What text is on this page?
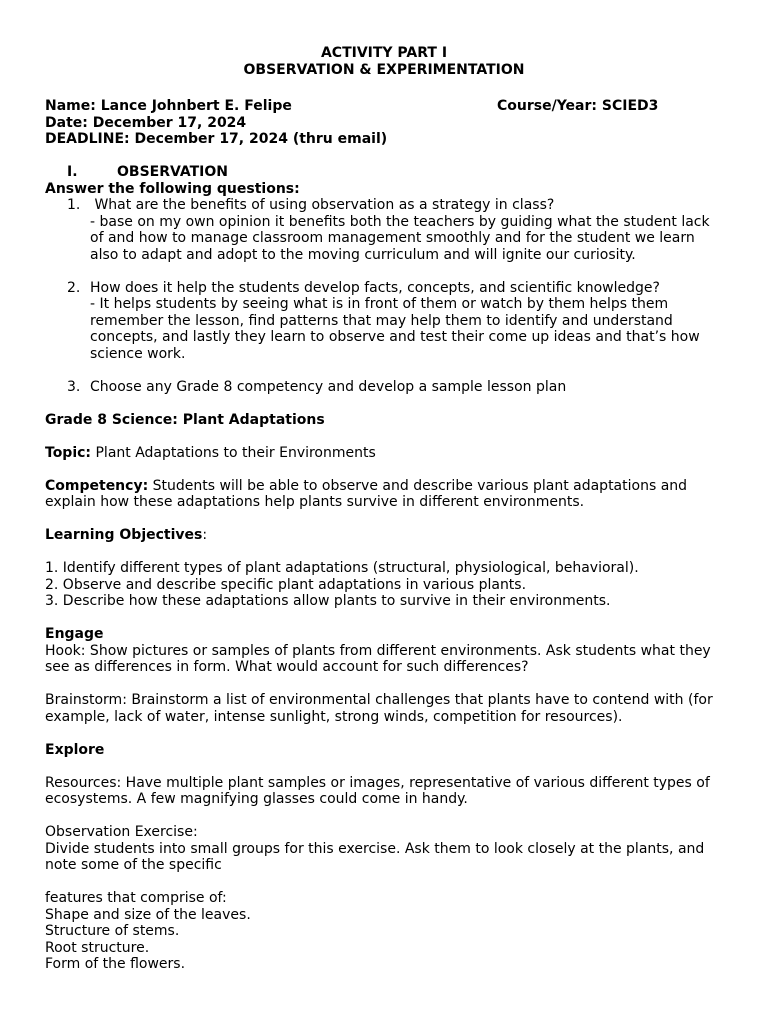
ACTIVITY PART I
OBSERVATION & EXPERIMENTATION
Name: Lance Johnbert E. Felipe	Course/Year: SCIED3
Date: December 17, 2024
DEADLINE: December 17, 2024 (thru email)
I.	OBSERVATION
Answer the following questions:
1. What are the benefits of using observation as a strategy in class?

- base on my own opinion it benefits both the teachers by guiding what the student lack of and how to manage classroom management smoothly and for the student we learn also to adapt and adopt to the moving curriculum and will ignite our curiosity.

2. How does it help the students develop facts, concepts, and scientific knowledge?

- It helps students by seeing what is in front of them or watch by them helps them remember the lesson, find patterns that may help them to identify and understand concepts, and lastly they learn to observe and test their come up ideas and that’s how science work.

3. Choose any Grade 8 competency and develop a sample lesson plan

Grade 8 Science: Plant Adaptations

Topic: Plant Adaptations to their Environments

Competency: Students will be able to observe and describe various plant adaptations and explain how these adaptations help plants survive in different environments.

Learning Objectives:

1. Identify different types of plant adaptations (structural, physiological, behavioral).

2. Observe and describe specific plant adaptations in various plants.

3. Describe how these adaptations allow plants to survive in their environments.

Engage

Hook: Show pictures or samples of plants from different environments. Ask students what they see as differences in form. What would account for such differences?

Brainstorm: Brainstorm a list of environmental challenges that plants have to contend with (for example, lack of water, intense sunlight, strong winds, competition for resources).

Explore

Resources: Have multiple plant samples or images, representative of various different types of ecosystems. A few magnifying glasses could come in handy.

Observation Exercise:

Divide students into small groups for this exercise. Ask them to look closely at the plants, and note some of the specific

features that comprise of:

Shape and size of the leaves.

Structure of stems.

Root structure.

Form of the flowers.
